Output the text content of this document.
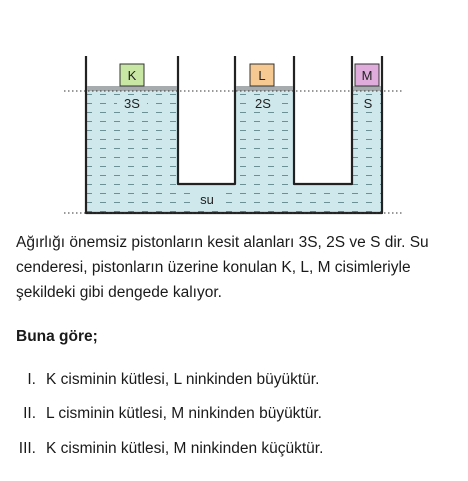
K	L	M
3S	2S	S
su
Ağırlığı önemsiz pistonların kesit alanları 3S, 2S ve S dir. Su cenderesi, pistonların üzerine konulan K, L, M cisimleriyle şekildeki gibi dengede kalıyor.
Buna göre;
I. K cisminin kütlesi, L ninkinden büyüktür.
II. L cisminin kütlesi, M ninkinden büyüktür.
III. K cisminin kütlesi, M ninkinden küçüktür.
